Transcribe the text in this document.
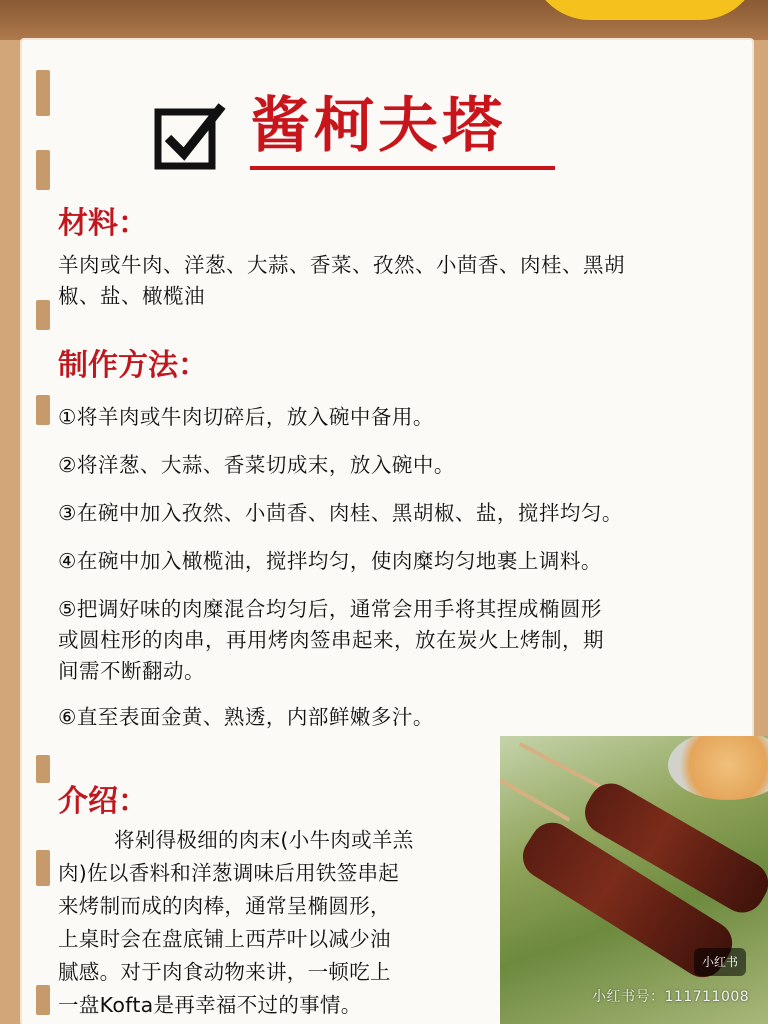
酱柯夫塔
材料：
羊肉或牛肉、洋葱、大蒜、香菜、孜然、小茴香、肉桂、黑胡
椒、盐、橄榄油
制作方法：
①将羊肉或牛肉切碎后，放入碗中备用。
②将洋葱、大蒜、香菜切成末，放入碗中。
③在碗中加入孜然、小茴香、肉桂、黑胡椒、盐，搅拌均匀。
④在碗中加入橄榄油，搅拌均匀，使肉糜均匀地裹上调料。
⑤把调好味的肉糜混合均匀后，通常会用手将其捏成椭圆形
或圆柱形的肉串，再用烤肉签串起来，放在炭火上烤制，期
间需不断翻动。
⑥直至表面金黄、熟透，内部鲜嫩多汁。
介绍：
将剁得极细的肉末(小牛肉或羊羔
肉)佐以香料和洋葱调味后用铁签串起
来烤制而成的肉棒，通常呈椭圆形，
上桌时会在盘底铺上西芹叶以减少油
腻感。对于肉食动物来讲，一顿吃上
一盘Kofta是再幸福不过的事情。
小红书
小红书号：111711008
